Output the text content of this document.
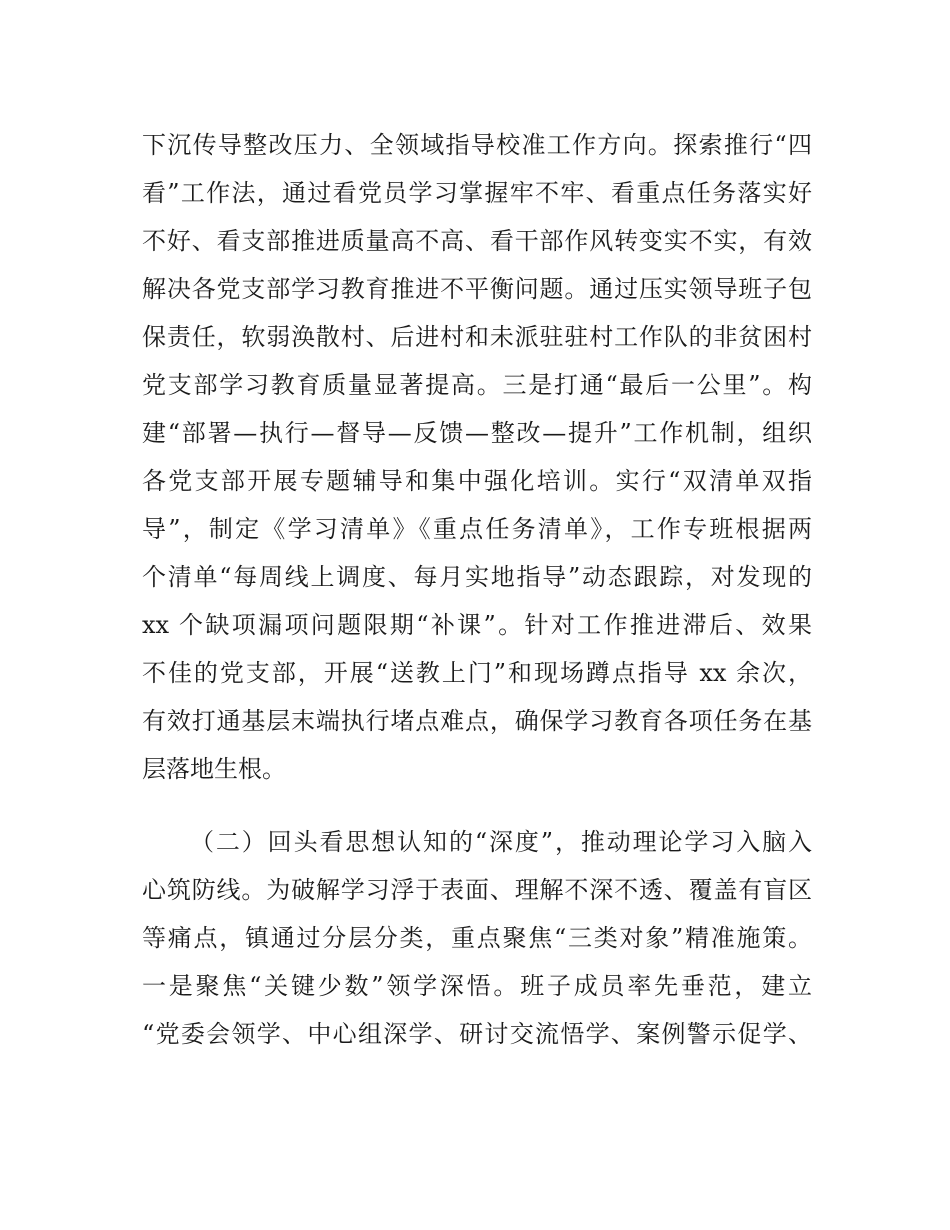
下沉传导整改压力、全领域指导校准工作方向。探索推行“四
看”工作法，通过看党员学习掌握牢不牢、看重点任务落实好
不好、看支部推进质量高不高、看干部作风转变实不实，有效
解决各党支部学习教育推进不平衡问题。通过压实领导班子包
保责任，软弱涣散村、后进村和未派驻驻村工作队的非贫困村
党支部学习教育质量显著提高。三是打通“最后一公里”。构
建“部署—执行—督导—反馈—整改—提升”工作机制，组织
各党支部开展专题辅导和集中强化培训。实行“双清单双指
导”，制定《学习清单》《重点任务清单》，工作专班根据两
个清单“每周线上调度、每月实地指导”动态跟踪，对发现的
xx 个缺项漏项问题限期“补课”。针对工作推进滞后、效果
不佳的党支部，开展“送教上门”和现场蹲点指导 xx 余次，
有效打通基层末端执行堵点难点，确保学习教育各项任务在基
层落地生根。
（二）回头看思想认知的“深度”，推动理论学习入脑入
心筑防线。为破解学习浮于表面、理解不深不透、覆盖有盲区
等痛点，镇通过分层分类，重点聚焦“三类对象”精准施策。
一是聚焦“关键少数”领学深悟。班子成员率先垂范，建立
“党委会领学、中心组深学、研讨交流悟学、案例警示促学、
